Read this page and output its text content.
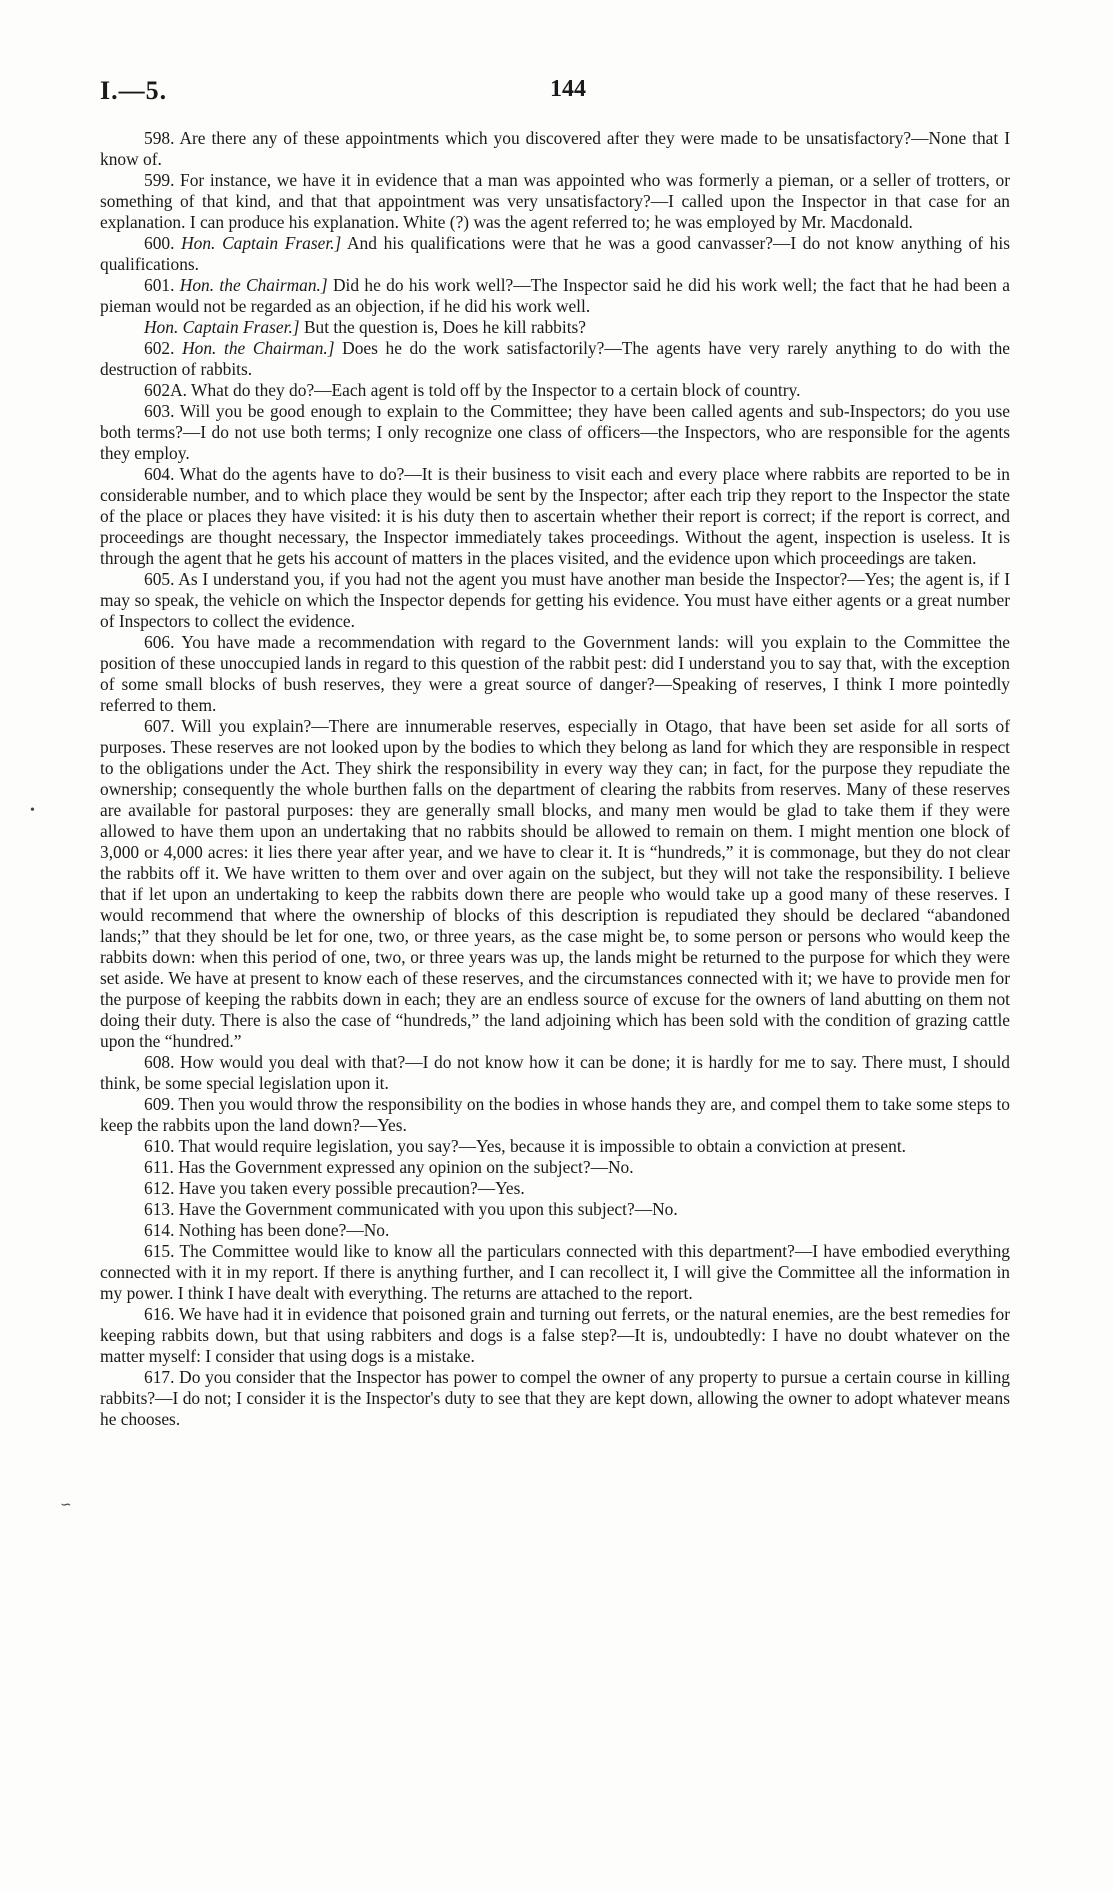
I.—5.	144

598. Are there any of these appointments which you discovered after they were made to be unsatisfactory?—None that I know of.

599. For instance, we have it in evidence that a man was appointed who was formerly a pieman, or a seller of trotters, or something of that kind, and that that appointment was very unsatisfactory?—I called upon the Inspector in that case for an explanation. I can produce his explanation. White (?) was the agent referred to; he was employed by Mr. Macdonald.

600. Hon. Captain Fraser.] And his qualifications were that he was a good canvasser?—I do not know anything of his qualifications.

601. Hon. the Chairman.] Did he do his work well?—The Inspector said he did his work well; the fact that he had been a pieman would not be regarded as an objection, if he did his work well.

Hon. Captain Fraser.] But the question is, Does he kill rabbits?

602. Hon. the Chairman.] Does he do the work satisfactorily?—The agents have very rarely anything to do with the destruction of rabbits.

602A. What do they do?—Each agent is told off by the Inspector to a certain block of country.

603. Will you be good enough to explain to the Committee; they have been called agents and sub-Inspectors; do you use both terms?—I do not use both terms; I only recognize one class of officers—the Inspectors, who are responsible for the agents they employ.

604. What do the agents have to do?—It is their business to visit each and every place where rabbits are reported to be in considerable number, and to which place they would be sent by the Inspector; after each trip they report to the Inspector the state of the place or places they have visited: it is his duty then to ascertain whether their report is correct; if the report is correct, and proceedings are thought necessary, the Inspector immediately takes proceedings. Without the agent, inspection is useless. It is through the agent that he gets his account of matters in the places visited, and the evidence upon which proceedings are taken.

605. As I understand you, if you had not the agent you must have another man beside the Inspector?—Yes; the agent is, if I may so speak, the vehicle on which the Inspector depends for getting his evidence. You must have either agents or a great number of Inspectors to collect the evidence.

606. You have made a recommendation with regard to the Government lands: will you explain to the Committee the position of these unoccupied lands in regard to this question of the rabbit pest: did I understand you to say that, with the exception of some small blocks of bush reserves, they were a great source of danger?—Speaking of reserves, I think I more pointedly referred to them.

607. Will you explain?—There are innumerable reserves, especially in Otago, that have been set aside for all sorts of purposes. These reserves are not looked upon by the bodies to which they belong as land for which they are responsible in respect to the obligations under the Act. They shirk the responsibility in every way they can; in fact, for the purpose they repudiate the ownership; consequently the whole burthen falls on the department of clearing the rabbits from reserves. Many of these reserves are available for pastoral purposes: they are generally small blocks, and many men would be glad to take them if they were allowed to have them upon an undertaking that no rabbits should be allowed to remain on them. I might mention one block of 3,000 or 4,000 acres: it lies there year after year, and we have to clear it. It is “hundreds,” it is commonage, but they do not clear the rabbits off it. We have written to them over and over again on the subject, but they will not take the responsibility. I believe that if let upon an undertaking to keep the rabbits down there are people who would take up a good many of these reserves. I would recommend that where the ownership of blocks of this description is repudiated they should be declared “abandoned lands;” that they should be let for one, two, or three years, as the case might be, to some person or persons who would keep the rabbits down: when this period of one, two, or three years was up, the lands might be returned to the purpose for which they were set aside. We have at present to know each of these reserves, and the circumstances connected with it; we have to provide men for the purpose of keeping the rabbits down in each; they are an endless source of excuse for the owners of land abutting on them not doing their duty. There is also the case of “hundreds,” the land adjoining which has been sold with the condition of grazing cattle upon the “hundred.”

608. How would you deal with that?—I do not know how it can be done; it is hardly for me to say. There must, I should think, be some special legislation upon it.

609. Then you would throw the responsibility on the bodies in whose hands they are, and compel them to take some steps to keep the rabbits upon the land down?—Yes.

610. That would require legislation, you say?—Yes, because it is impossible to obtain a conviction at present.

611. Has the Government expressed any opinion on the subject?—No.

612. Have you taken every possible precaution?—Yes.

613. Have the Government communicated with you upon this subject?—No.

614. Nothing has been done?—No.

615. The Committee would like to know all the particulars connected with this department?—I have embodied everything connected with it in my report. If there is anything further, and I can recollect it, I will give the Committee all the information in my power. I think I have dealt with everything. The returns are attached to the report.

616. We have had it in evidence that poisoned grain and turning out ferrets, or the natural enemies, are the best remedies for keeping rabbits down, but that using rabbiters and dogs is a false step?—It is, undoubtedly: I have no doubt whatever on the matter myself: I consider that using dogs is a mistake.

617. Do you consider that the Inspector has power to compel the owner of any property to pursue a certain course in killing rabbits?—I do not; I consider it is the Inspector's duty to see that they are kept down, allowing the owner to adopt whatever means he chooses.

•
∽
